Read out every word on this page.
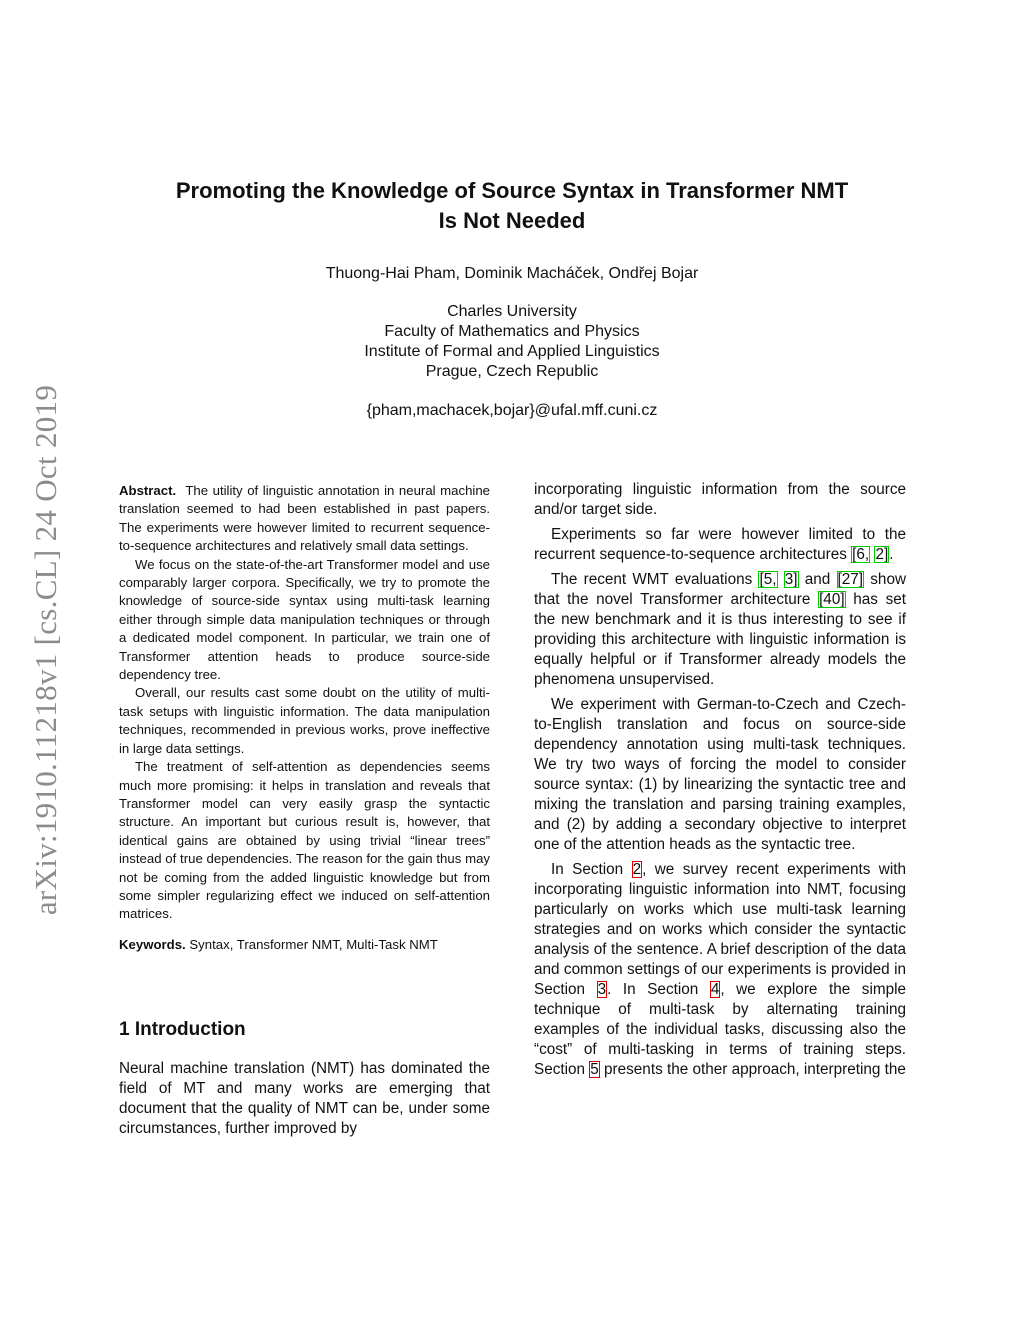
arXiv:1910.11218v1 [cs.CL] 24 Oct 2019
Promoting the Knowledge of Source Syntax in Transformer NMT
Is Not Needed
Thuong-Hai Pham, Dominik Macháček, Ondřej Bojar
Charles University
Faculty of Mathematics and Physics
Institute of Formal and Applied Linguistics
Prague, Czech Republic
{pham,machacek,bojar}@ufal.mff.cuni.cz

Abstract. The utility of linguistic annotation in neural machine translation seemed to had been established in past papers. The experiments were however limited to recurrent sequence-to-sequence architectures and relatively small data settings.

We focus on the state-of-the-art Transformer model and use comparably larger corpora. Specifically, we try to promote the knowledge of source-side syntax using multi-task learning either through simple data manipulation techniques or through a dedicated model component. In particular, we train one of Transformer attention heads to produce source-side dependency tree.

Overall, our results cast some doubt on the utility of multi-task setups with linguistic information. The data manipulation techniques, recommended in previous works, prove ineffective in large data settings.

The treatment of self-attention as dependencies seems much more promising: it helps in translation and reveals that Transformer model can very easily grasp the syntactic structure. An important but curious result is, however, that identical gains are obtained by using trivial “linear trees” instead of true dependencies. The reason for the gain thus may not be coming from the added linguistic knowledge but from some simpler regularizing effect we induced on self-attention matrices.

Keywords. Syntax, Transformer NMT, Multi-Task NMT

1 Introduction

Neural machine translation (NMT) has dominated the field of MT and many works are emerging that document that the quality of NMT can be, under some circumstances, further improved by

incorporating linguistic information from the source and/or target side.

Experiments so far were however limited to the recurrent sequence-to-sequence architectures [6, 2].

The recent WMT evaluations [5, 3] and [27] show that the novel Transformer architecture [40] has set the new benchmark and it is thus interesting to see if providing this architecture with linguistic information is equally helpful or if Transformer already models the phenomena unsupervised.

We experiment with German-to-Czech and Czech-to-English translation and focus on source-side dependency annotation using multi-task techniques. We try two ways of forcing the model to consider source syntax: (1) by linearizing the syntactic tree and mixing the translation and parsing training examples, and (2) by adding a secondary objective to interpret one of the attention heads as the syntactic tree.

In Section 2, we survey recent experiments with incorporating linguistic information into NMT, focusing particularly on works which use multi-task learning strategies and on works which consider the syntactic analysis of the sentence. A brief description of the data and common settings of our experiments is provided in Section 3. In Section 4, we explore the simple technique of multi-task by alternating training examples of the individual tasks, discussing also the “cost” of multi-tasking in terms of training steps. Section 5 presents the other approach, interpreting the
